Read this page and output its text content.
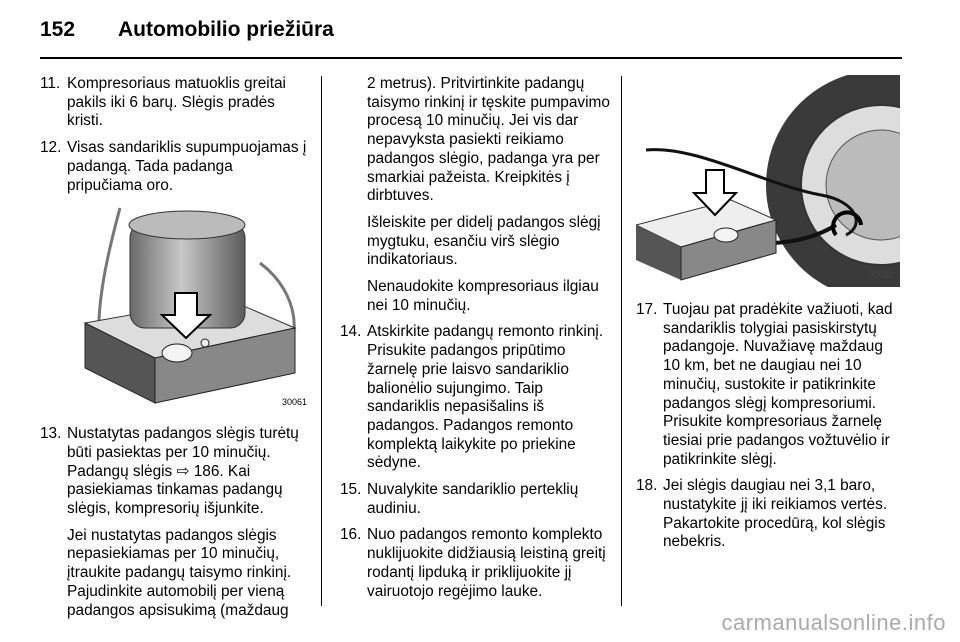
152 Automobilio priežiūra
11. Kompresoriaus matuoklis greitai pakils iki 6 barų. Slėgis pradės kristi.
12. Visas sandariklis supumpuojamas į padangą. Tada padanga pripučiama oro.
30061
13. Nustatytas padangos slėgis turėtų būti pasiektas per 10 minučių. Padangų slėgis ⇨ 186. Kai pasiekiamas tinkamas padangų slėgis, kompresorių išjunkite.
Jei nustatytas padangos slėgis nepasiekiamas per 10 minučių, įtraukite padangų taisymo rinkinį. Pajudinkite automobilį per vieną padangos apsisukimą (maždaug
2 metrus). Pritvirtinkite padangų taisymo rinkinį ir tęskite pumpavimo procesą 10 minučių. Jei vis dar nepavyksta pasiekti reikiamo padangos slėgio, padanga yra per smarkiai pažeista. Kreipkitės į dirbtuves.
Išleiskite per didelį padangos slėgį mygtuku, esančiu virš slėgio indikatoriaus.
Nenaudokite kompresoriaus ilgiau nei 10 minučių.
14. Atskirkite padangų remonto rinkinį. Prisukite padangos pripūtimo žarnelę prie laisvo sandariklio balionėlio sujungimo. Taip sandariklis nepasišalins iš padangos. Padangos remonto komplektą laikykite po priekine sėdyne.
15. Nuvalykite sandariklio perteklių audiniu.
16. Nuo padangos remonto komplekto nuklijuokite didžiausią leistiną greitį rodantį lipduką ir priklijuokite jį vairuotojo regėjimo lauke.
30062
17. Tuojau pat pradėkite važiuoti, kad sandariklis tolygiai pasiskirstytų padangoje. Nuvažiavę maždaug 10 km, bet ne daugiau nei 10 minučių, sustokite ir patikrinkite padangos slėgį kompresoriumi. Prisukite kompresoriaus žarnelę tiesiai prie padangos vožtuvėlio ir patikrinkite slėgį.
18. Jei slėgis daugiau nei 3,1 baro, nustatykite jį iki reikiamos vertės. Pakartokite procedūrą, kol slėgis nebekris.
carmanualsonline.info
